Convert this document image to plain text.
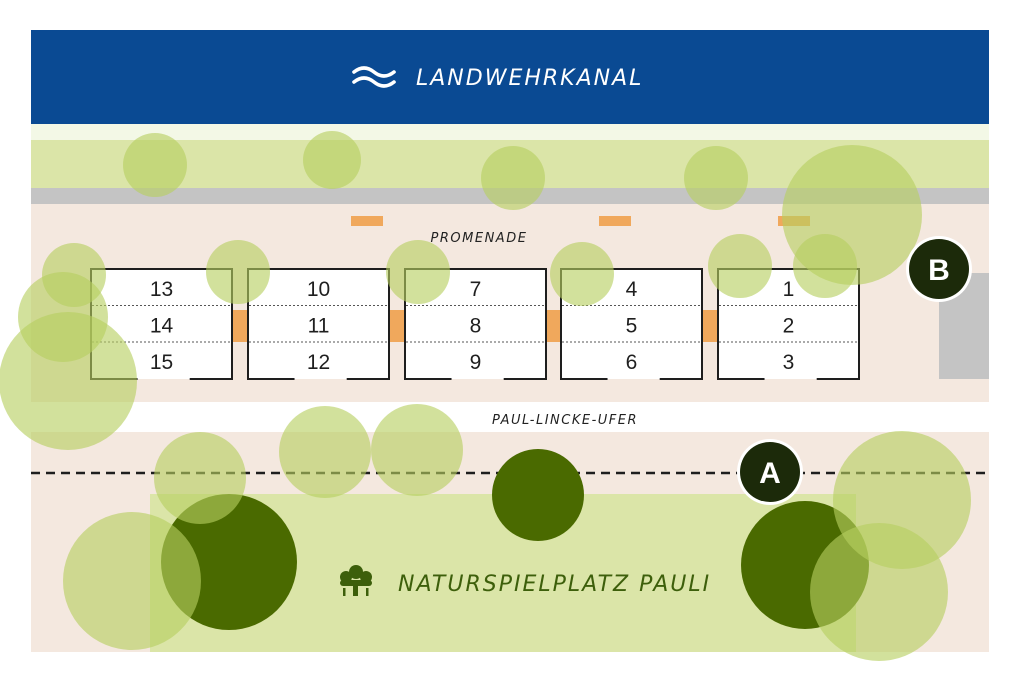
LANDWEHRKANAL
PROMENADE
PAUL-LINCKE-UFER
13
14
15
10
11
12
7
8
9
4
5
6
1
2
3
NATURSPIELPLATZ PAULI
B
A
